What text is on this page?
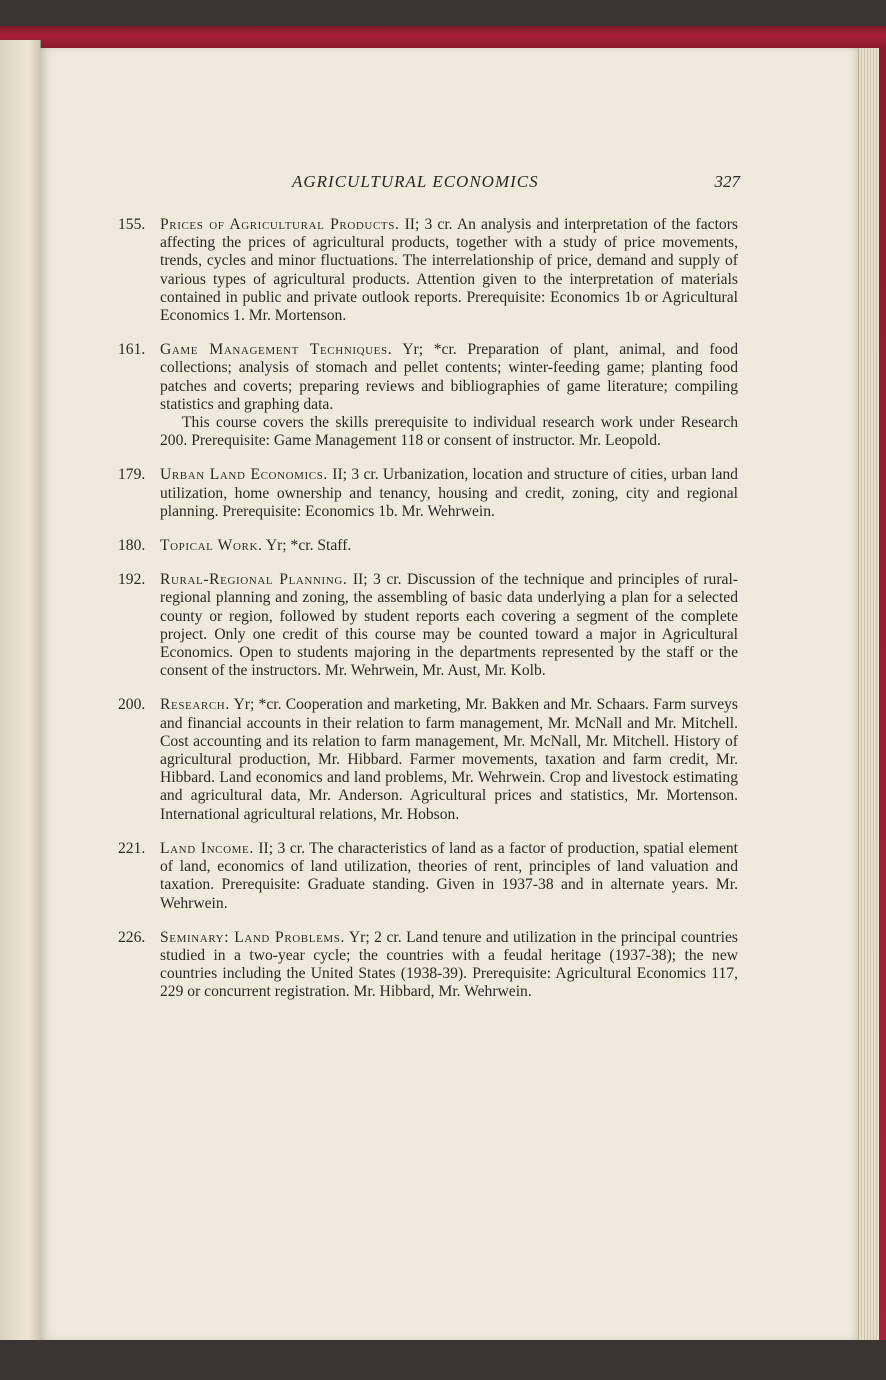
AGRICULTURAL ECONOMICS	327
155. Prices of Agricultural Products. II; 3 cr. An analysis and interpretation of the factors affecting the prices of agricultural products, together with a study of price movements, trends, cycles and minor fluctuations. The interrelationship of price, demand and supply of various types of agricultural products. Attention given to the interpretation of materials contained in public and private outlook reports. Prerequisite: Economics 1b or Agricultural Economics 1. Mr. Mortenson.

161. Game Management Techniques. Yr; *cr. Preparation of plant, animal, and food collections; analysis of stomach and pellet contents; winter-feeding game; planting food patches and coverts; preparing reviews and bibliographies of game literature; compiling statistics and graphing data.

This course covers the skills prerequisite to individual research work under Research 200. Prerequisite: Game Management 118 or consent of instructor. Mr. Leopold.

179. Urban Land Economics. II; 3 cr. Urbanization, location and structure of cities, urban land utilization, home ownership and tenancy, housing and credit, zoning, city and regional planning. Prerequisite: Economics 1b. Mr. Wehrwein.

180. Topical Work. Yr; *cr. Staff.

192. Rural-Regional Planning. II; 3 cr. Discussion of the technique and principles of rural-regional planning and zoning, the assembling of basic data underlying a plan for a selected county or region, followed by student reports each covering a segment of the complete project. Only one credit of this course may be counted toward a major in Agricultural Economics. Open to students majoring in the departments represented by the staff or the consent of the instructors. Mr. Wehrwein, Mr. Aust, Mr. Kolb.

200. Research. Yr; *cr. Cooperation and marketing, Mr. Bakken and Mr. Schaars. Farm surveys and financial accounts in their relation to farm management, Mr. McNall and Mr. Mitchell. Cost accounting and its relation to farm management, Mr. McNall, Mr. Mitchell. History of agricultural production, Mr. Hibbard. Farmer movements, taxation and farm credit, Mr. Hibbard. Land economics and land problems, Mr. Wehrwein. Crop and livestock estimating and agricultural data, Mr. Anderson. Agricultural prices and statistics, Mr. Mortenson. International agricultural relations, Mr. Hobson.

221. Land Income. II; 3 cr. The characteristics of land as a factor of production, spatial element of land, economics of land utilization, theories of rent, principles of land valuation and taxation. Prerequisite: Graduate standing. Given in 1937-38 and in alternate years. Mr. Wehrwein.

226. Seminary: Land Problems. Yr; 2 cr. Land tenure and utilization in the principal countries studied in a two-year cycle; the countries with a feudal heritage (1937-38); the new countries including the United States (1938-39). Prerequisite: Agricultural Economics 117, 229 or concurrent registration. Mr. Hibbard, Mr. Wehrwein.
